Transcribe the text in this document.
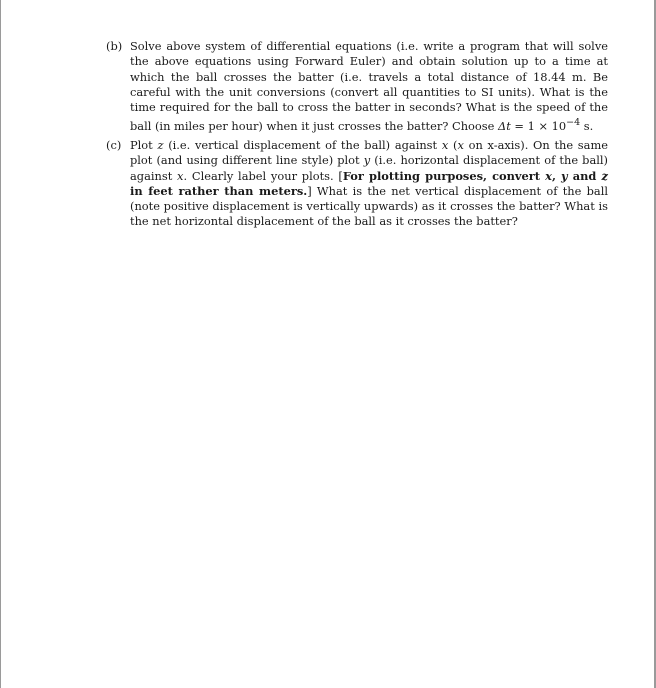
(b) Solve above system of differential equations (i.e. write a program that will solve the above equations using Forward Euler) and obtain solution up to a time at which the ball crosses the batter (i.e. travels a total distance of 18.44 m. Be careful with the unit conversions (convert all quantities to SI units). What is the time required for the ball to cross the batter in seconds? What is the speed of the ball (in miles per hour) when it just crosses the batter? Choose $\Delta t = 1 \times 10^{-4}$ s.
(c) Plot z (i.e. vertical displacement of the ball) against x (x on x-axis). On the same plot (and using different line style) plot y (i.e. horizontal displacement of the ball) against x. Clearly label your plots. [For plotting purposes, convert x, y and z in feet rather than meters.] What is the net vertical displacement of the ball (note positive displacement is vertically upwards) as it crosses the batter? What is the net horizontal displacement of the ball as it crosses the batter?
